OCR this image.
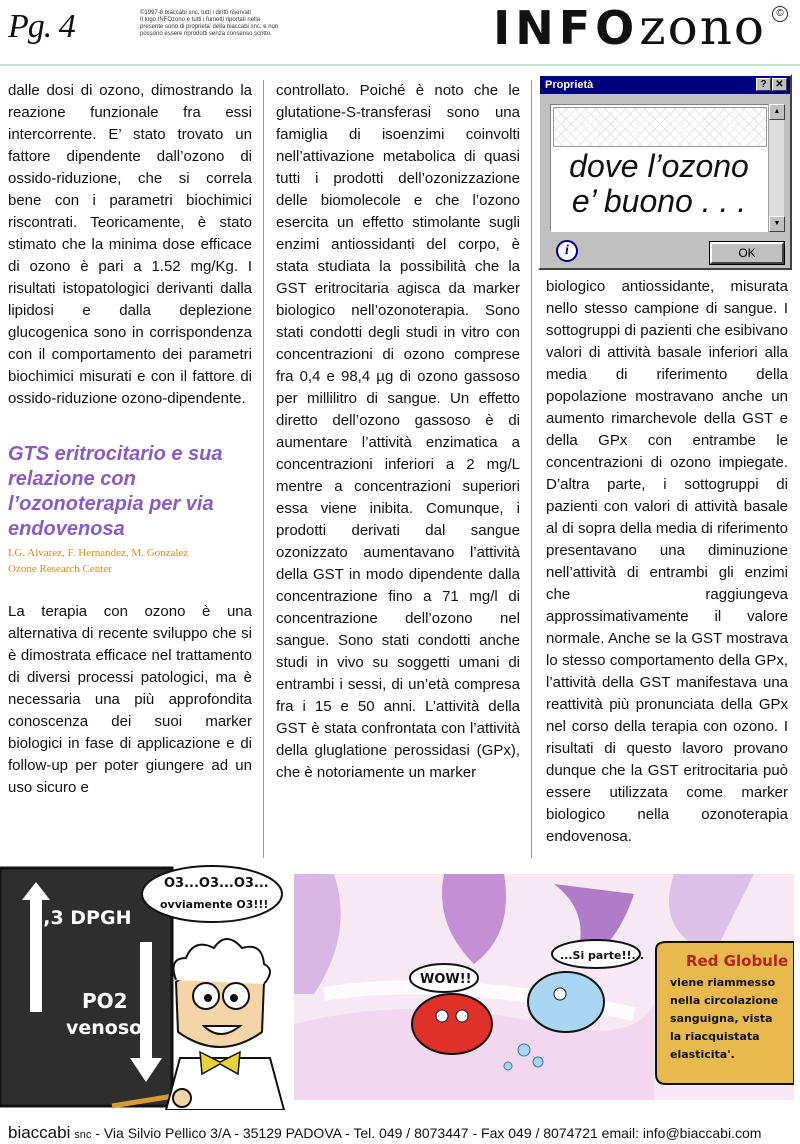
Pg. 4	©1997-8 biaccabi snc. tutti i diritti riservati
Il logo INFOzono e tutti i fumetti riportati nella
presente sono di proprieta' della biaccabi snc. e non
possono essere riprodotti senza consenso scritto.	INFOzono	©

dalle dosi di ozono, dimostrando la reazione funzionale fra essi intercorrente. E’ stato trovato un fattore dipendente dall’ozono di ossido-riduzione, che si correla bene con i parametri biochimici riscontrati. Teoricamente, è stato stimato che la minima dose efficace di ozono è pari a 1.52 mg/Kg. I risultati istopatologici derivanti dalla lipidosi e dalla deplezione glucogenica sono in corrispondenza con il comportamento dei parametri biochimici misurati e con il fattore di ossido-riduzione ozono-dipendente.

GTS eritrocitario e sua relazione con l’ozonoterapia per via endovenosa
I.G. Alvarez, F. Hernandez, M. Gonzalez
Ozone Research Center

La terapia con ozono è una alternativa di recente sviluppo che si è dimostrata efficace nel trattamento di diversi processi patologici, ma è necessaria una più approfondita conoscenza dei suoi marker biologici in fase di applicazione e di follow-up per poter giungere ad un uso sicuro e

controllato. Poiché è noto che le glutatione-S-transferasi sono una famiglia di isoenzimi coinvolti nell’attivazione metabolica di quasi tutti i prodotti dell’ozonizzazione delle biomolecole e che l’ozono esercita un effetto stimolante sugli enzimi antiossidanti del corpo, è stata studiata la possibilità che la GST eritrocitaria agisca da marker biologico nell’ozonoterapia. Sono stati condotti degli studi in vitro con concentrazioni di ozono comprese fra 0,4 e 98,4 µg di ozono gassoso per millilitro di sangue. Un effetto diretto dell’ozono gassoso è di aumentare l’attività enzimatica a concentrazioni inferiori a 2 mg/L mentre a concentrazioni superiori essa viene inibita. Comunque, i prodotti derivati dal sangue ozonizzato aumentavano l’attività della GST in modo dipendente dalla concentrazione fino a 71 mg/l di concentrazione dell’ozono nel sangue. Sono stati condotti anche studi in vivo su soggetti umani di entrambi i sessi, di un’età compresa fra i 15 e 50 anni. L’attività della GST è stata confrontata con l’attività della gluglatione perossidasi (GPx), che è notoriamente un marker

Proprietà	? ✕
dove l’ozono
e’ buono . . .
▲
▼
i	OK

biologico antiossidante, misurata nello stesso campione di sangue. I sottogruppi di pazienti che esibivano valori di attività basale inferiori alla media di riferimento della popolazione mostravano anche un aumento rimarchevole della GST e della GPx con entrambe le concentrazioni di ozono impiegate. D’altra parte, i sottogruppi di pazienti con valori di attività basale al di sopra della media di riferimento presentavano una diminuzione nell’attività di entrambi gli enzimi che raggiungeva approssimativamente il valore normale. Anche se la GST mostrava lo stesso comportamento della GPx, l’attività della GST manifestava una reattività più pronunciata della GPx nel corso della terapia con ozono. I risultati di questo lavoro provano dunque che la GST eritrocitaria può essere utilizzata come marker biologico nella ozonoterapia endovenosa.

2,3 DPGH
PO2
venoso
O3...O3...O3...
ovviamente O3!!!
WOW!!
...Si parte!!...	Red Globule
viene riammesso
nella circolazione
sanguigna, vista
la riacquistata
elasticita'.
biaccabi snc - Via Silvio Pellico 3/A - 35129 PADOVA - Tel. 049 / 8073447 - Fax 049 / 8074721 email: info@biaccabi.com
